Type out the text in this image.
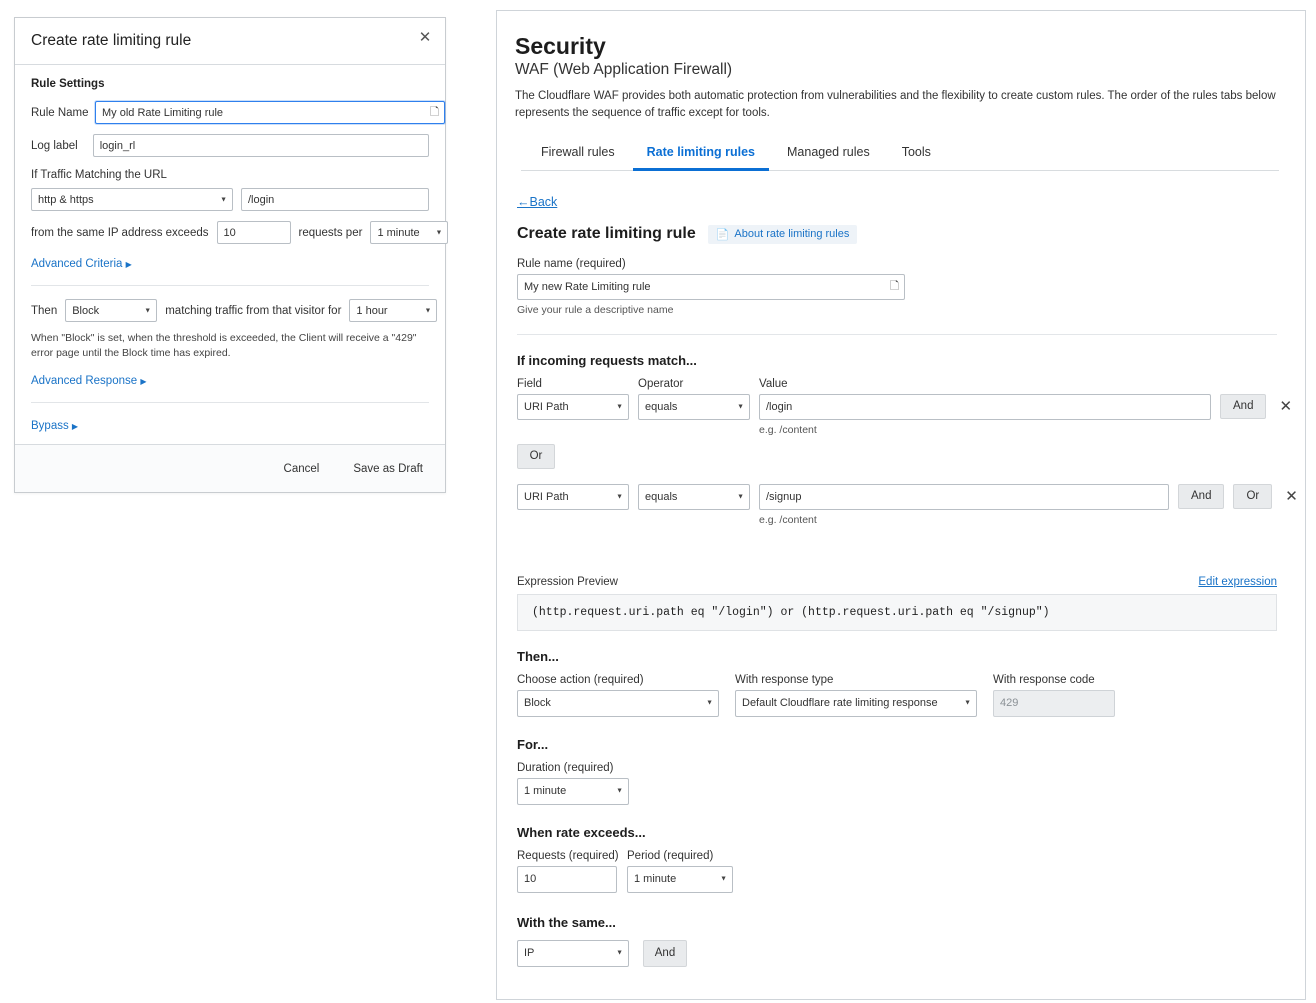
Create rate limiting rule	✕
Rule Settings
Rule Name
My old Rate Limiting rule	🗋
Log label
login_rl
If Traffic Matching the URL
http & https
▼
/login
from the same IP address exceeds
10	requests per
1 minute	▼
Advanced Criteria ▶
Then
Block	▼ matching traffic from that visitor for
1 hour	▼
When "Block" is set, when the threshold is exceeded, the Client will receive a "429" error page until the Block time has expired.
Advanced Response ▶
Bypass ▶
Cancel	Save as Draft
Security
WAF (Web Application Firewall)

The Cloudflare WAF provides both automatic protection from vulnerabilities and the flexibility to create custom rules. The order of the rules tabs below represents the sequence of traffic except for tools.

Firewall rules	Rate limiting rules	Managed rules	Tools
←Back
Create rate limiting rule 📄 About rate limiting rules
Rule name (required)
My new Rate Limiting rule
🗋
Give your rule a descriptive name
If incoming requests match...
Field	Operator	Value
URI Path
▼
equals	▼
/login
e.g. /content
And	✕
Or
URI Path
▼
equals	▼
/signup
e.g. /content
And	Or	✕
Expression Preview	Edit expression
(http.request.uri.path eq "/login") or (http.request.uri.path eq "/signup")
Then...
Choose action (required)
Block
▼
With response type
Default Cloudflare rate limiting response
▼
With response code
429
For...
Duration (required)
1 minute
▼
When rate exceeds...
Requests (required)
10 Period (required)
1 minute
▼
With the same...
IP
▼	And
